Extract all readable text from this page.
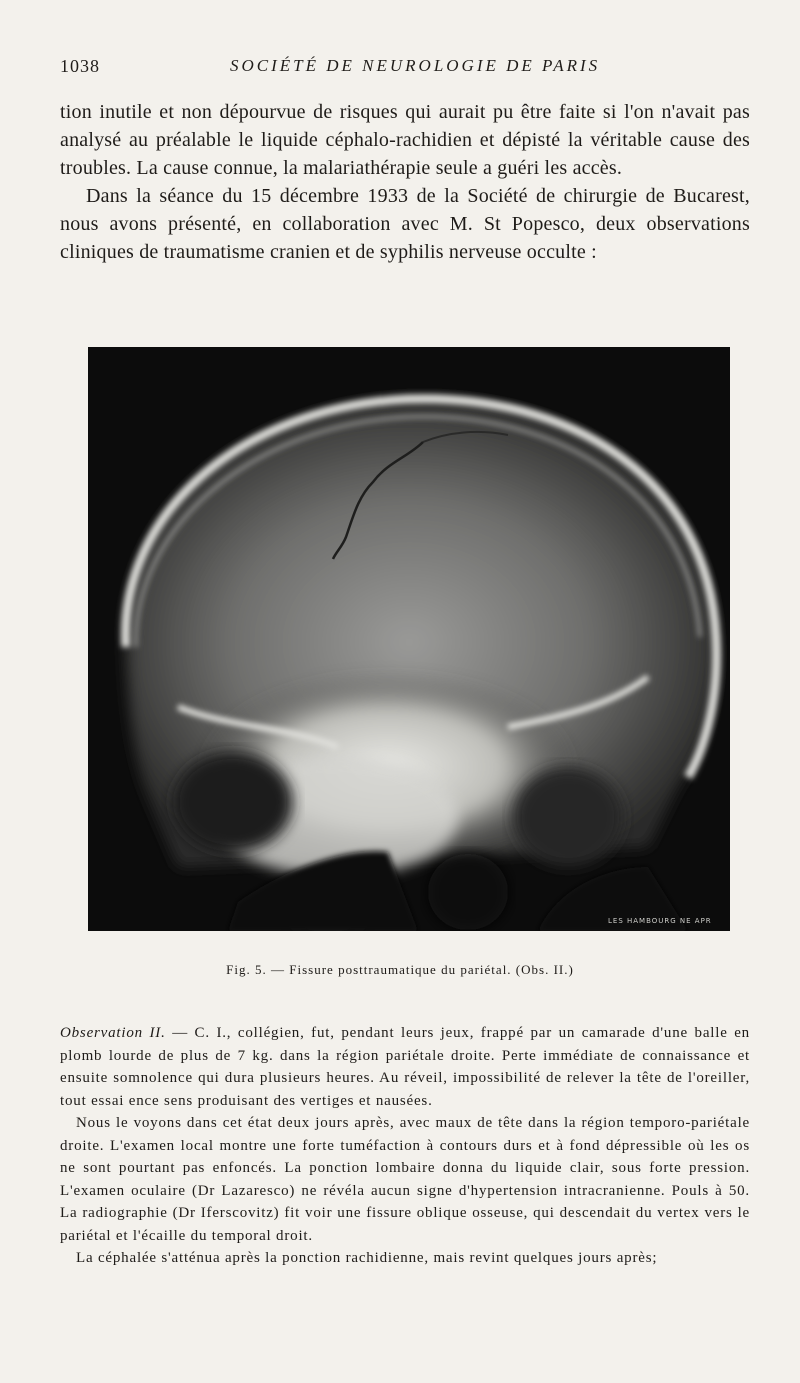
1038	SOCIÉTÉ DE NEUROLOGIE DE PARIS

tion inutile et non dépourvue de risques qui aurait pu être faite si l'on n'avait pas analysé au préalable le liquide céphalo-rachidien et dépisté la véritable cause des troubles. La cause connue, la malariathérapie seule a guéri les accès.

Dans la séance du 15 décembre 1933 de la Société de chirurgie de Bucarest, nous avons présenté, en collaboration avec M. St Popesco, deux observations cliniques de traumatisme cranien et de syphilis nerveuse occulte :

LES HAMBOURG NE APR
Fig. 5. — Fissure posttraumatique du pariétal. (Obs. II.)

Observation II. — C. I., collégien, fut, pendant leurs jeux, frappé par un camarade d'une balle en plomb lourde de plus de 7 kg. dans la région pariétale droite. Perte immédiate de connaissance et ensuite somnolence qui dura plusieurs heures. Au réveil, impossibilité de relever la tête de l'oreiller, tout essai ence sens produisant des vertiges et nausées.

Nous le voyons dans cet état deux jours après, avec maux de tête dans la région temporo-pariétale droite. L'examen local montre une forte tuméfaction à contours durs et à fond dépressible où les os ne sont pourtant pas enfoncés. La ponction lombaire donna du liquide clair, sous forte pression. L'examen oculaire (Dr Lazaresco) ne révéla aucun signe d'hypertension intracranienne. Pouls à 50. La radiographie (Dr Iferscovitz) fit voir une fissure oblique osseuse, qui descendait du vertex vers le pariétal et l'écaille du temporal droit.

La céphalée s'atténua après la ponction rachidienne, mais revint quelques jours après;
